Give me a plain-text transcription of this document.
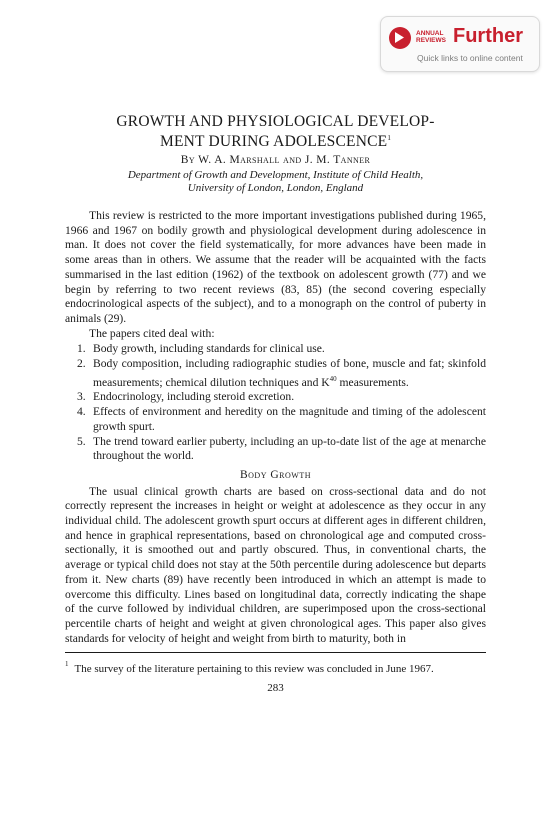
ANNUAL
REVIEWS Further
Quick links to online content
GROWTH AND PHYSIOLOGICAL DEVELOP-
MENT DURING ADOLESCENCE$^1$
By W. A. Marshall and J. M. Tanner
Department of Growth and Development, Institute of Child Health,
University of London, London, England

This review is restricted to the more important investigations published during 1965, 1966 and 1967 on bodily growth and physiological development during adolescence in man. It does not cover the field systematically, for more advances have been made in some areas than in others. We assume that the reader will be acquainted with the facts summarised in the last edition (1962) of the textbook on adolescent growth (77) and we begin by referring to two recent reviews (83, 85) (the second covering especially endocrinological aspects of the subject), and to a monograph on the control of puberty in animals (29).

The papers cited deal with:

1. Body growth, including standards for clinical use.
2. Body composition, including radiographic studies of bone, muscle and fat; skinfold measurements; chemical dilution techniques and $K^{40}$ measurements.
3. Endocrinology, including steroid excretion.
4. Effects of environment and heredity on the magnitude and timing of the adolescent growth spurt.
5. The trend toward earlier puberty, including an up-to-date list of the age at menarche throughout the world.
Body Growth

The usual clinical growth charts are based on cross-sectional data and do not correctly represent the increases in height or weight at adolescence as they occur in any individual child. The adolescent growth spurt occurs at different ages in different children, and hence in graphical representations, based on chronological age and computed cross-sectionally, it is smoothed out and partly obscured. Thus, in conventional charts, the average or typical child does not stay at the 50th percentile during adolescence but departs from it. New charts (89) have recently been introduced in which an attempt is made to overcome this difficulty. Lines based on longitudinal data, correctly indicating the shape of the curve followed by individual children, are superimposed upon the cross-sectional percentile charts of height and weight at given chronological ages. This paper also gives standards for velocity of height and weight from birth to maturity, both in

$^1$ The survey of the literature pertaining to this review was concluded in June 1967.

283
